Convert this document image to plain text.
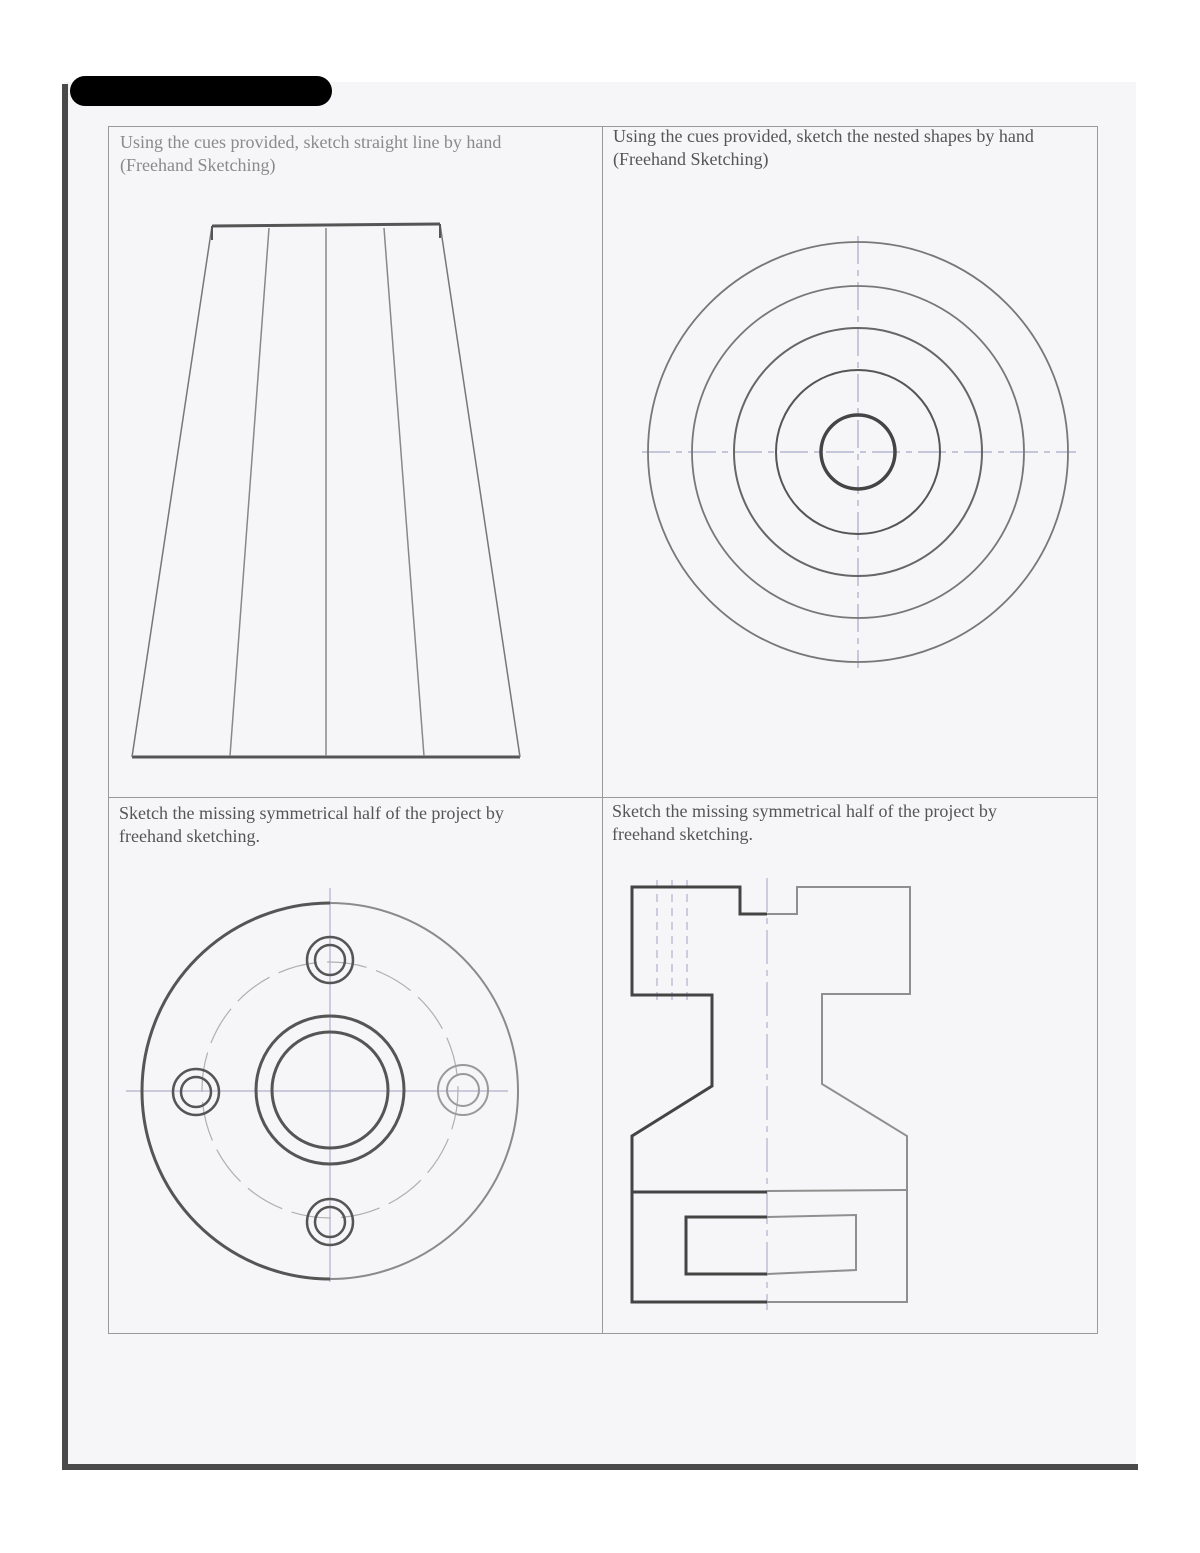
Using the cues provided, sketch straight line by hand
(Freehand Sketching)

Using the cues provided, sketch the nested shapes by hand
(Freehand Sketching)

Sketch the missing symmetrical half of the project by
freehand sketching.

Sketch the missing symmetrical half of the project by
freehand sketching.
